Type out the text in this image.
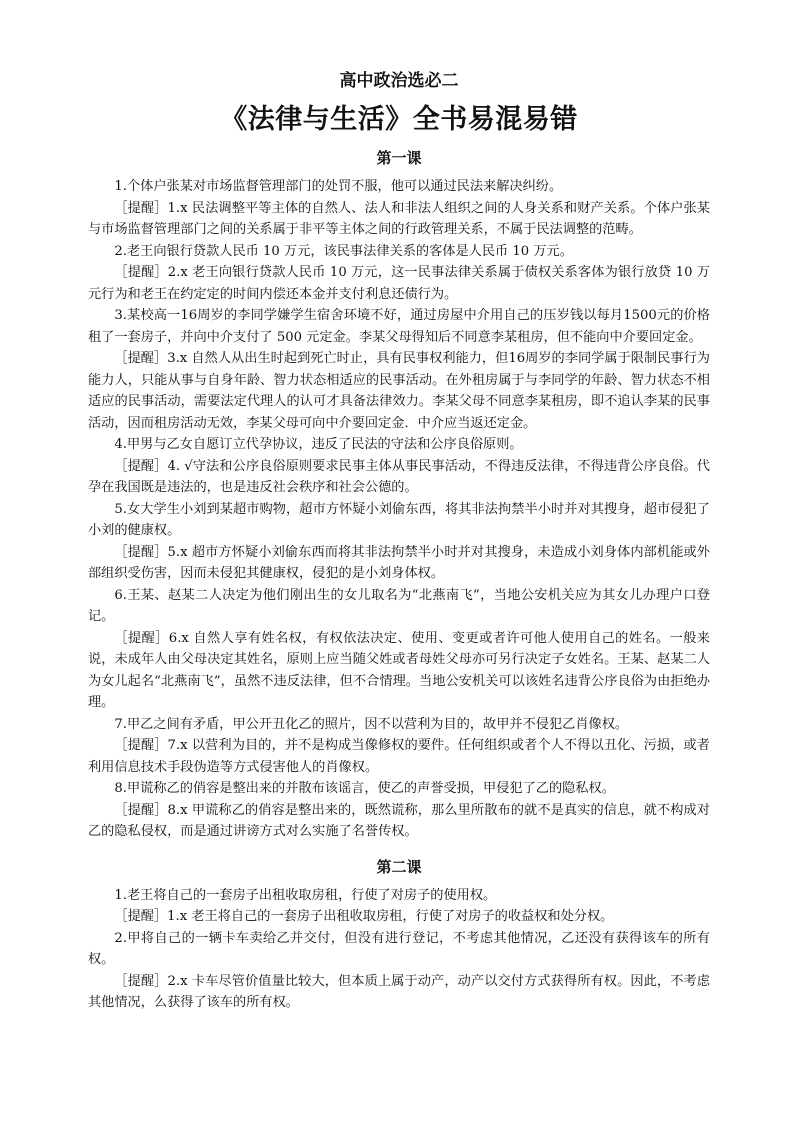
高中政治选必二
《法律与生活》全书易混易错
第一课

1.个体户张某对市场监督管理部门的处罚不服，他可以通过民法来解决纠纷。

［提醒］1.x 民法调整平等主体的自然人、法人和非法人组织之间的人身关系和财产关系。个体户张某与市场监督管理部门之间的关系属于非平等主体之间的行政管理关系，不属于民法调整的范畴。

2.老王向银行贷款人民币 10 万元，该民事法律关系的客体是人民币 10 万元。

［提醒］2.x 老王向银行贷款人民币 10 万元，这一民事法律关系属于债权关系客体为银行放贷 10 万元行为和老王在约定定的时间内偿还本金并支付利息还债行为。

3.某校高一16周岁的李同学嫌学生宿舍环境不好，通过房屋中介用自己的压岁钱以每月1500元的价格租了一套房子，并向中介支付了 500 元定金。李某父母得知后不同意李某租房，但不能向中介要回定金。

［提醒］3.x 自然人从出生时起到死亡时止，具有民事权利能力，但16周岁的李同学属于限制民事行为能力人，只能从事与自身年龄、智力状态相适应的民事活动。在外租房属于与李同学的年龄、智力状态不相适应的民事活动，需要法定代理人的认可才具备法律效力。李某父母不同意李某租房，即不追认李某的民事活动，因而租房活动无效，李某父母可向中介要回定金．中介应当返还定金。

4.甲男与乙女自愿订立代孕协议，违反了民法的守法和公序良俗原则。

［提醒］4. √守法和公序良俗原则要求民事主体从事民事活动，不得违反法律，不得违背公序良俗。代孕在我国既是违法的，也是违反社会秩序和社会公德的。

5.女大学生小刘到某超市购物，超市方怀疑小刘偷东西，将其非法拘禁半小时并对其搜身，超市侵犯了小刘的健康权。

［提醒］5.x 超市方怀疑小刘偷东西而将其非法拘禁半小时并对其搜身，未造成小刘身体内部机能或外部组织受伤害，因而未侵犯其健康权，侵犯的是小刘身体权。

6.王某、赵某二人决定为他们刚出生的女儿取名为“北燕南飞”，当地公安机关应为其女儿办理户口登记。

［提醒］6.x 自然人享有姓名权，有权依法决定、使用、变更或者许可他人使用自己的姓名。一般来说，未成年人由父母决定其姓名，原则上应当随父姓或者母姓父母亦可另行决定子女姓名。王某、赵某二人为女儿起名“北燕南飞”，虽然不违反法律，但不合情理。当地公安机关可以该姓名违背公序良俗为由拒绝办理。

7.甲乙之间有矛盾，甲公开丑化乙的照片，因不以营利为目的，故甲并不侵犯乙肖像权。

［提醒］7.x 以营利为目的，并不是构成当像修权的要件。任何组织或者个人不得以丑化、污损，或者利用信息技术手段伪造等方式侵害他人的肖像权。

8.甲谎称乙的俏容是整出来的并散布该谣言，使乙的声誉受损，甲侵犯了乙的隐私权。

［提醒］8.x 甲谎称乙的俏容是整出来的，既然谎称，那么里所散布的就不是真实的信息，就不构成对乙的隐私侵权，而是通过讲谤方式对么实施了名誉传权。

第二课

1.老王将自己的一套房子出租收取房租，行使了对房子的使用权。

［提醒］1.x 老王将自己的一套房子出租收取房租，行使了对房子的收益权和处分权。

2.甲将自己的一辆卡车卖给乙并交付，但没有进行登记，不考虑其他情况，乙还没有获得该车的所有权。

［提醒］2.x 卡车尽管价值量比较大，但本质上属于动产，动产以交付方式获得所有权。因此，不考虑其他情况，么获得了该车的所有权。
